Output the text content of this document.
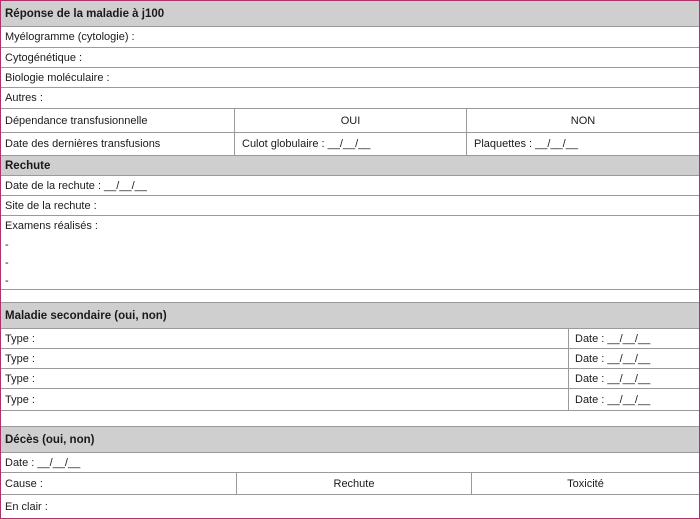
Réponse de la maladie à j100
Myélogramme (cytologie) :
Cytogénétique :
Biologie moléculaire :
Autres :
Dépendance transfusionnelle	OUI	NON
Date des dernières transfusions	Culot globulaire : __/__/__	Plaquettes : __/__/__
Rechute
Date de la rechute : __/__/__
Site de la rechute :
Examens réalisés :
-
-
-
Maladie secondaire (oui, non)
Type :	Date : __/__/__
Type :	Date : __/__/__
Type :	Date : __/__/__
Type :	Date : __/__/__
Décès (oui, non)
Date : __/__/__
Cause :	Rechute	Toxicité
En clair :
